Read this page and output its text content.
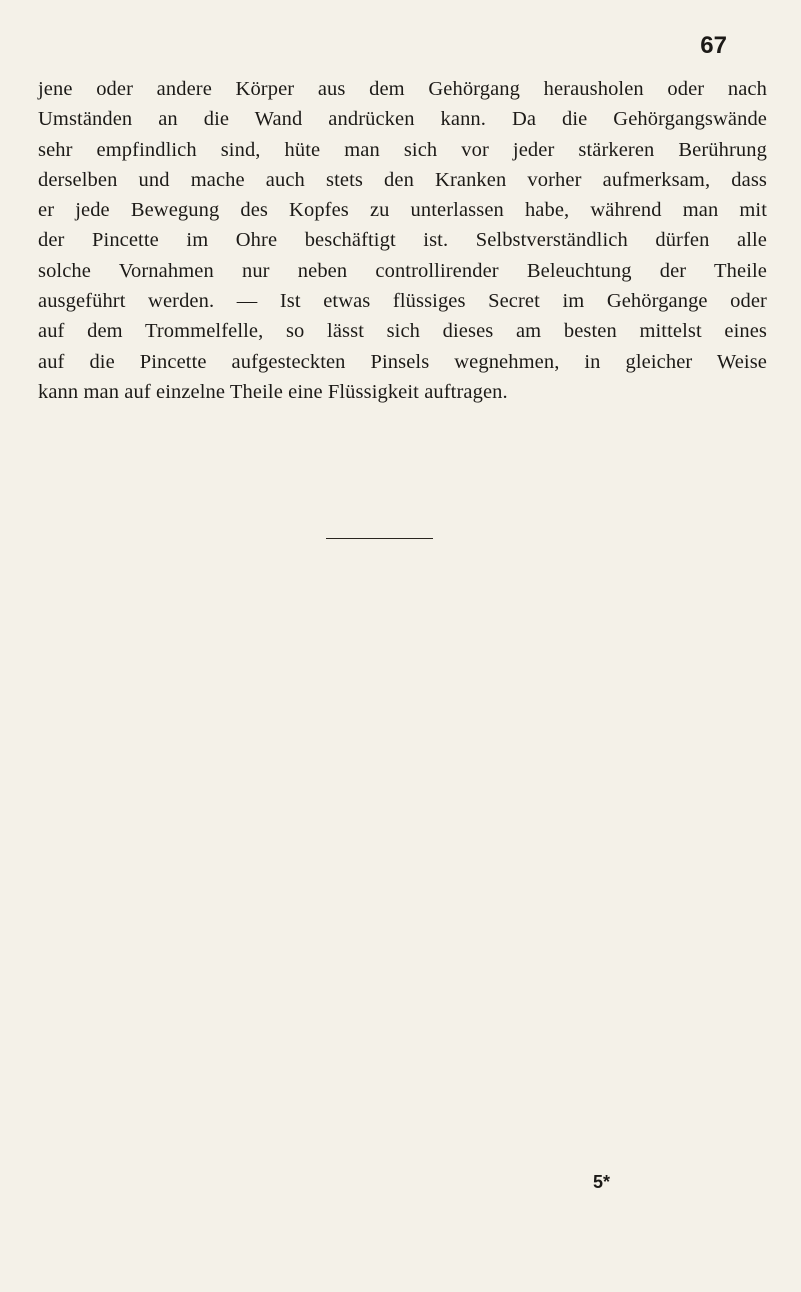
67
jene oder andere Körper aus dem Gehörgang herausholen oder nach
Umständen an die Wand andrücken kann. Da die Gehörgangswände
sehr empfindlich sind, hüte man sich vor jeder stärkeren Berührung
derselben und mache auch stets den Kranken vorher aufmerksam, dass
er jede Bewegung des Kopfes zu unterlassen habe, während man mit
der Pincette im Ohre beschäftigt ist. Selbstverständlich dürfen alle
solche Vornahmen nur neben controllirender Beleuchtung der Theile
ausgeführt werden. — Ist etwas flüssiges Secret im Gehörgange oder
auf dem Trommelfelle, so lässt sich dieses am besten mittelst eines
auf die Pincette aufgesteckten Pinsels wegnehmen, in gleicher Weise
kann man auf einzelne Theile eine Flüssigkeit auftragen.
5*
